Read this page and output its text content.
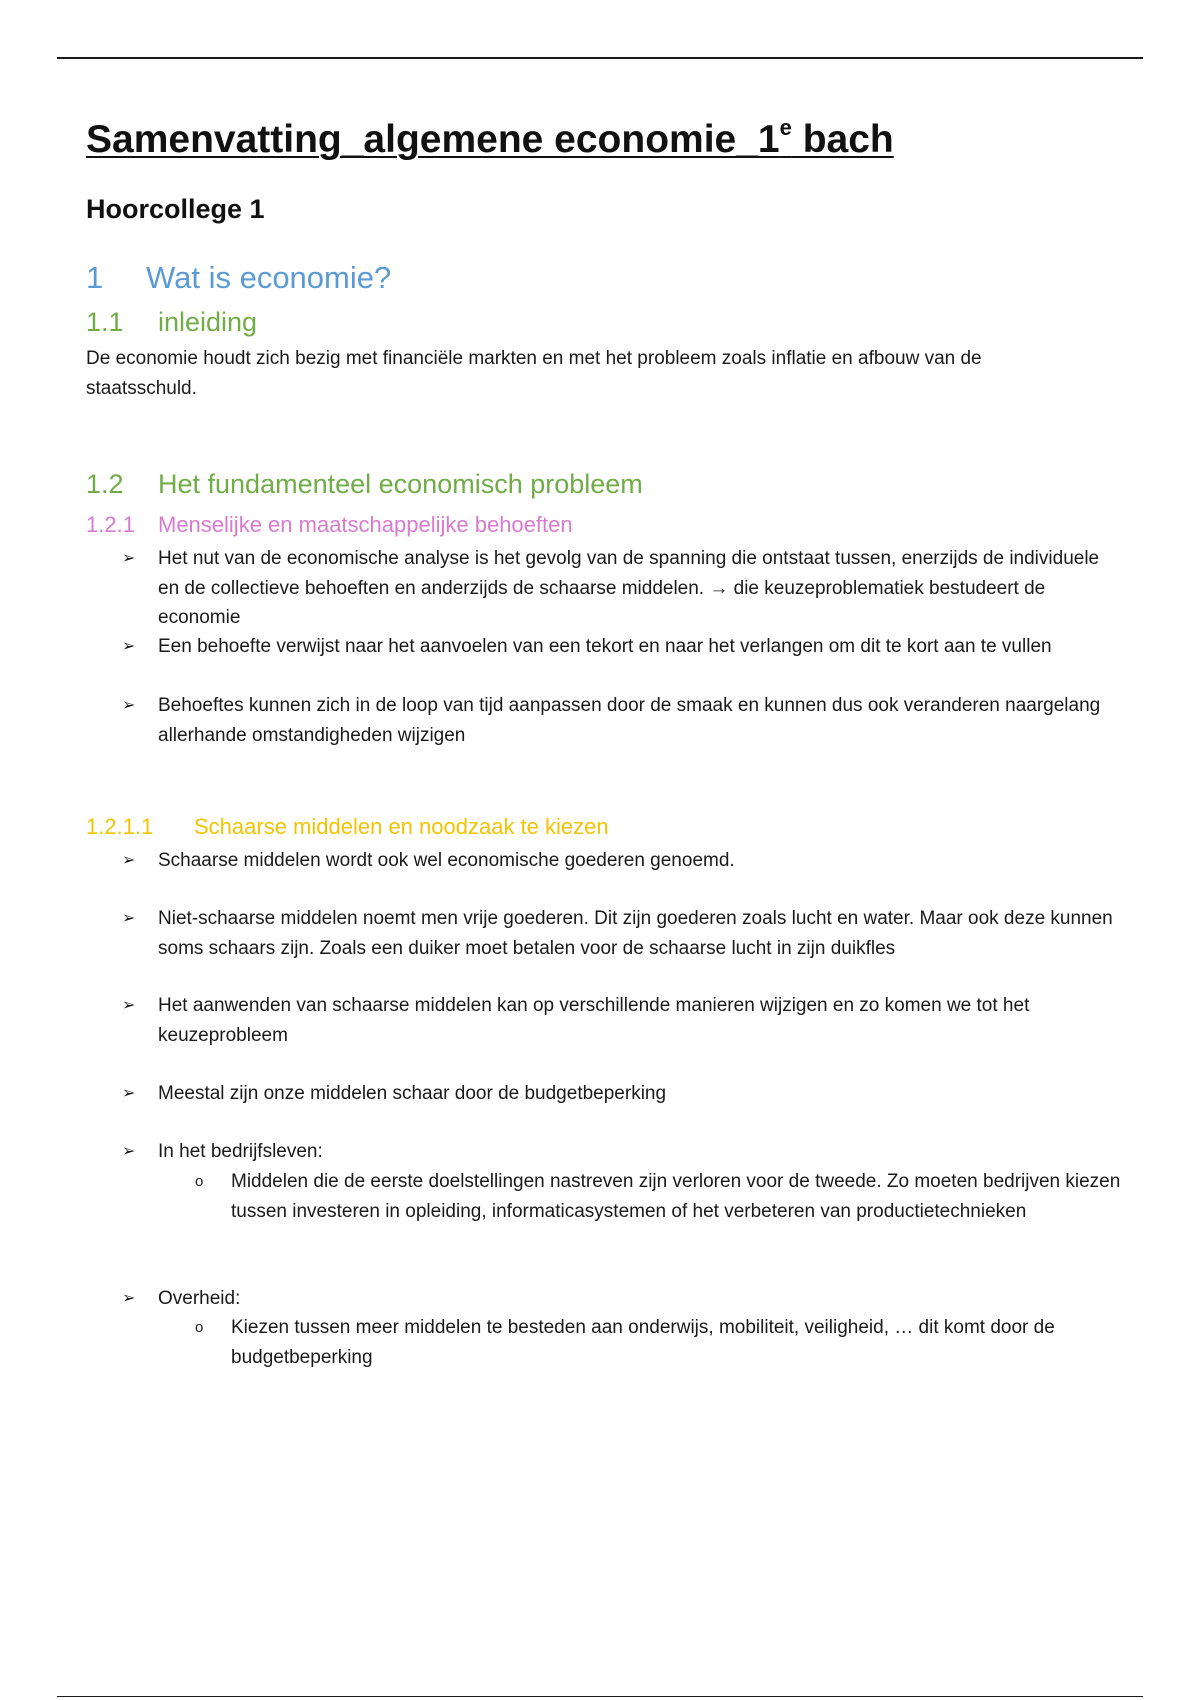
Samenvatting_algemene economie_1e bach
Hoorcollege 1
1 Wat is economie?
1.1 inleiding

De economie houdt zich bezig met financiële markten en met het probleem zoals inflatie en afbouw van de staatsschuld.

1.2 Het fundamenteel economisch probleem
1.2.1 Menselijke en maatschappelijke behoeften

➢ Het nut van de economische analyse is het gevolg van de spanning die ontstaat tussen, enerzijds de individuele en de collectieve behoeften en anderzijds de schaarse middelen. → die keuzeproblematiek bestudeert de economie

➢ Een behoefte verwijst naar het aanvoelen van een tekort en naar het verlangen om dit te kort aan te vullen

➢ Behoeftes kunnen zich in de loop van tijd aanpassen door de smaak en kunnen dus ook veranderen naargelang allerhande omstandigheden wijzigen

1.2.1.1 Schaarse middelen en noodzaak te kiezen

➢ Schaarse middelen wordt ook wel economische goederen genoemd.

➢ Niet-schaarse middelen noemt men vrije goederen. Dit zijn goederen zoals lucht en water. Maar ook deze kunnen soms schaars zijn. Zoals een duiker moet betalen voor de schaarse lucht in zijn duikfles

➢ Het aanwenden van schaarse middelen kan op verschillende manieren wijzigen en zo komen we tot het keuzeprobleem

➢ Meestal zijn onze middelen schaar door de budgetbeperking

➢ In het bedrijfsleven:

o Middelen die de eerste doelstellingen nastreven zijn verloren voor de tweede. Zo moeten bedrijven kiezen tussen investeren in opleiding, informaticasystemen of het verbeteren van productietechnieken

➢ Overheid:

o Kiezen tussen meer middelen te besteden aan onderwijs, mobiliteit, veiligheid, … dit komt door de budgetbeperking
